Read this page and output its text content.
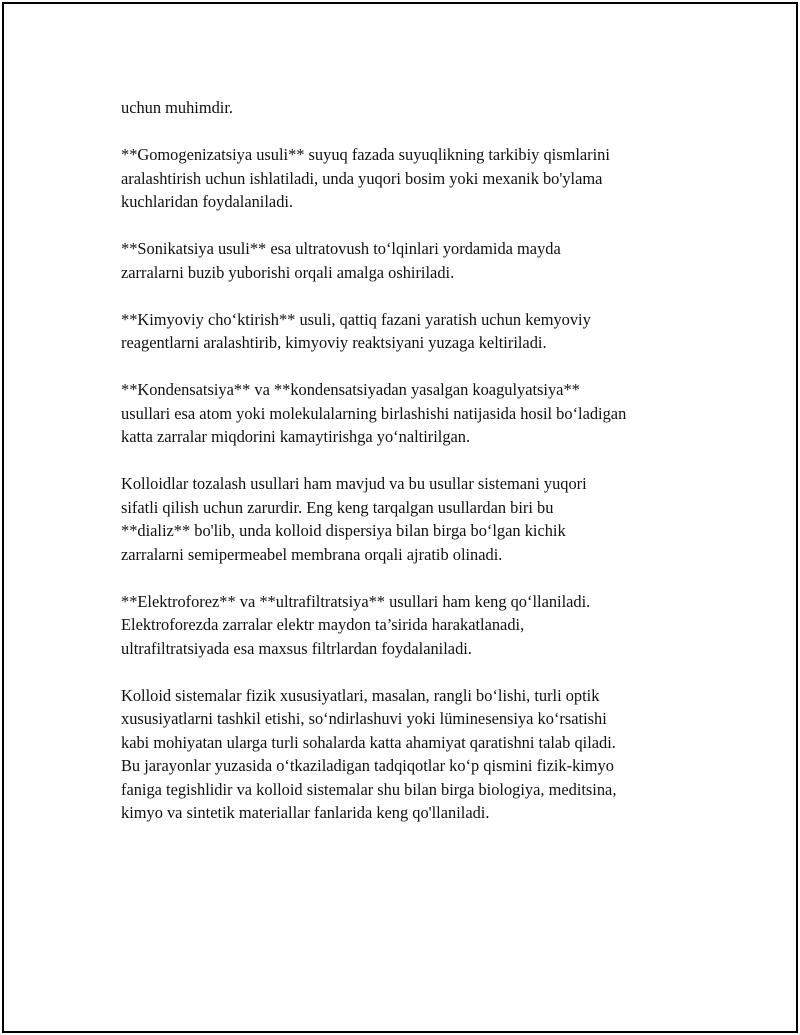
uchun muhimdir.

**Gomogenizatsiya usuli** suyuq fazada suyuqlikning tarkibiy qismlarini
aralashtirish uchun ishlatiladi, unda yuqori bosim yoki mexanik bo'ylama
kuchlaridan foydalaniladi.

**Sonikatsiya usuli** esa ultratovush to‘lqinlari yordamida mayda
zarralarni buzib yuborishi orqali amalga oshiriladi.

**Kimyoviy cho‘ktirish** usuli, qattiq fazani yaratish uchun kemyoviy
reagentlarni aralashtirib, kimyoviy reaktsiyani yuzaga keltiriladi.

**Kondensatsiya** va **kondensatsiyadan yasalgan koagulyatsiya**
usullari esa atom yoki molekulalarning birlashishi natijasida hosil bo‘ladigan
katta zarralar miqdorini kamaytirishga yo‘naltirilgan.

Kolloidlar tozalash usullari ham mavjud va bu usullar sistemani yuqori
sifatli qilish uchun zarurdir. Eng keng tarqalgan usullardan biri bu
**dializ** bo'lib, unda kolloid dispersiya bilan birga bo‘lgan kichik
zarralarni semipermeabel membrana orqali ajratib olinadi.

**Elektroforez** va **ultrafiltratsiya** usullari ham keng qo‘llaniladi.
Elektroforezda zarralar elektr maydon ta’sirida harakatlanadi,
ultrafiltratsiyada esa maxsus filtrlardan foydalaniladi.

Kolloid sistemalar fizik xususiyatlari, masalan, rangli bo‘lishi, turli optik
xususiyatlarni tashkil etishi, so‘ndirlashuvi yoki lüminesensiya ko‘rsatishi
kabi mohiyatan ularga turli sohalarda katta ahamiyat qaratishni talab qiladi.
Bu jarayonlar yuzasida o‘tkaziladigan tadqiqotlar ko‘p qismini fizik-kimyo
faniga tegishlidir va kolloid sistemalar shu bilan birga biologiya, meditsina,
kimyo va sintetik materiallar fanlarida keng qo'llaniladi.
